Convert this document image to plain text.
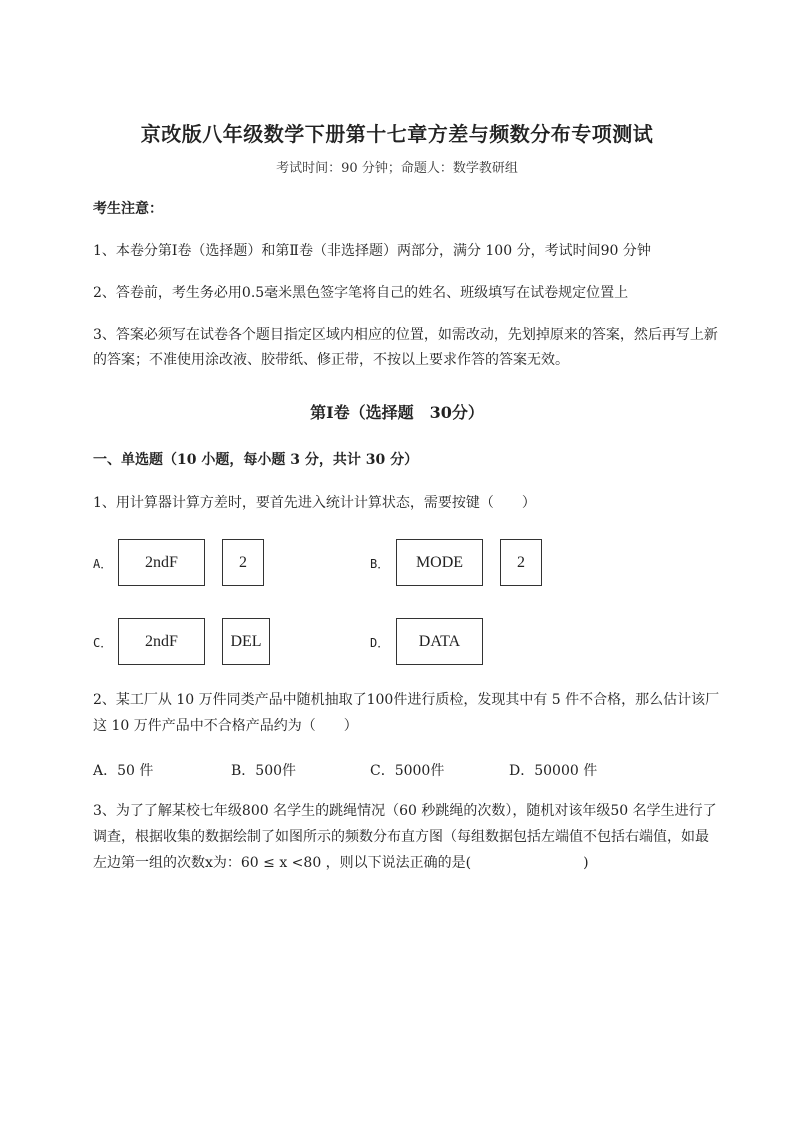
京改版八年级数学下册第十七章方差与频数分布专项测试
考试时间：90 分钟；命题人：数学教研组
考生注意：
1、本卷分第Ⅰ卷（选择题）和第Ⅱ卷（非选择题）两部分，满分 100 分，考试时间90 分钟
2、答卷前，考生务必用0.5毫米黑色签字笔将自己的姓名、班级填写在试卷规定位置上
3、答案必须写在试卷各个题目指定区域内相应的位置，如需改动，先划掉原来的答案，然后再写上新
的答案；不准使用涂改液、胶带纸、修正带，不按以上要求作答的答案无效。
第Ⅰ卷（选择题　30分）
一、单选题（10 小题，每小题 3 分，共计 30 分）
1、用计算器计算方差时，要首先进入统计计算状态，需要按键（　　）
A．	2ndF	2	B．	MODE	2
C．	2ndF	DEL	D．	DATA
2、某工厂从 10 万件同类产品中随机抽取了100件进行质检，发现其中有 5 件不合格，那么估计该厂
这 10 万件产品中不合格产品约为（　　）
A．50 件	B．500件	C．5000件	D．50000 件
3、为了了解某校七年级800 名学生的跳绳情况（60 秒跳绳的次数），随机对该年级50 名学生进行了
调查，根据收集的数据绘制了如图所示的频数分布直方图（每组数据包括左端值不包括右端值，如最
左边第一组的次数x为：60 ≤ x <80 ，则以下说法正确的是(　　　　　　　　)
